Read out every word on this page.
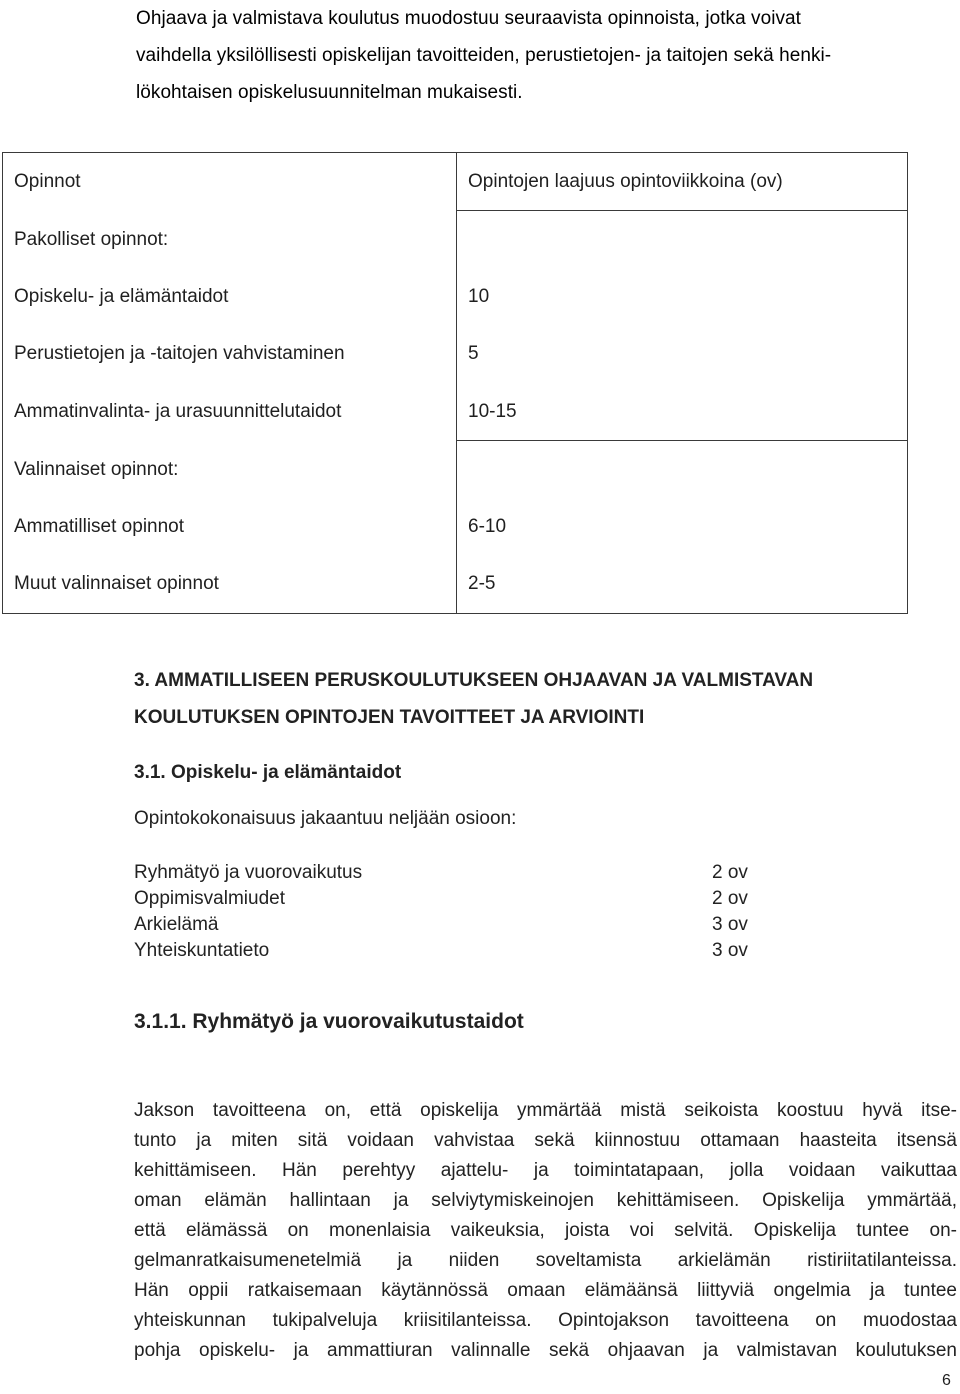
Ohjaava ja valmistava koulutus muodostuu seuraavista opinnoista, jotka voivat
vaihdella yksilöllisesti opiskelijan tavoitteiden, perustietojen- ja taitojen sekä henki-
lökohtaisen opiskelusuunnitelman mukaisesti.

Opinnot	Opintojen laajuus opintoviikkoina (ov)
Pakolliset opinnot:	
Opiskelu- ja elämäntaidot	10
Perustietojen ja -taitojen vahvistaminen	5
Ammatinvalinta- ja urasuunnittelutaidot	10-15
Valinnaiset opinnot:	
Ammatilliset opinnot	6-10
Muut valinnaiset opinnot	2-5
3. AMMATILLISEEN PERUSKOULUTUKSEEN OHJAAVAN JA VALMISTAVAN
KOULUTUKSEN OPINTOJEN TAVOITTEET JA ARVIOINTI
3.1. Opiskelu- ja elämäntaidot

Opintokokonaisuus jakaantuu neljään osioon:

Ryhmätyö ja vuorovaikutus	2 ov
Oppimisvalmiudet	2 ov
Arkielämä	3 ov
Yhteiskuntatieto	3 ov
3.1.1. Ryhmätyö ja vuorovaikutustaidot
Jakson tavoitteena on, että opiskelija ymmärtää mistä seikoista koostuu hyvä itse-
tunto ja miten sitä voidaan vahvistaa sekä kiinnostuu ottamaan haasteita itsensä
kehittämiseen. Hän perehtyy ajattelu- ja toimintatapaan, jolla voidaan vaikuttaa
oman elämän hallintaan ja selviytymiskeinojen kehittämiseen. Opiskelija ymmärtää,
että elämässä on monenlaisia vaikeuksia, joista voi selvitä. Opiskelija tuntee on-
gelmanratkaisumenetelmiä ja niiden soveltamista arkielämän ristiriitatilanteissa.
Hän oppii ratkaisemaan käytännössä omaan elämäänsä liittyviä ongelmia ja tuntee
yhteiskunnan tukipalveluja kriisitilanteissa. Opintojakson tavoitteena on muodostaa
pohja opiskelu- ja ammattiuran valinnalle sekä ohjaavan ja valmistavan koulutuksen
6
